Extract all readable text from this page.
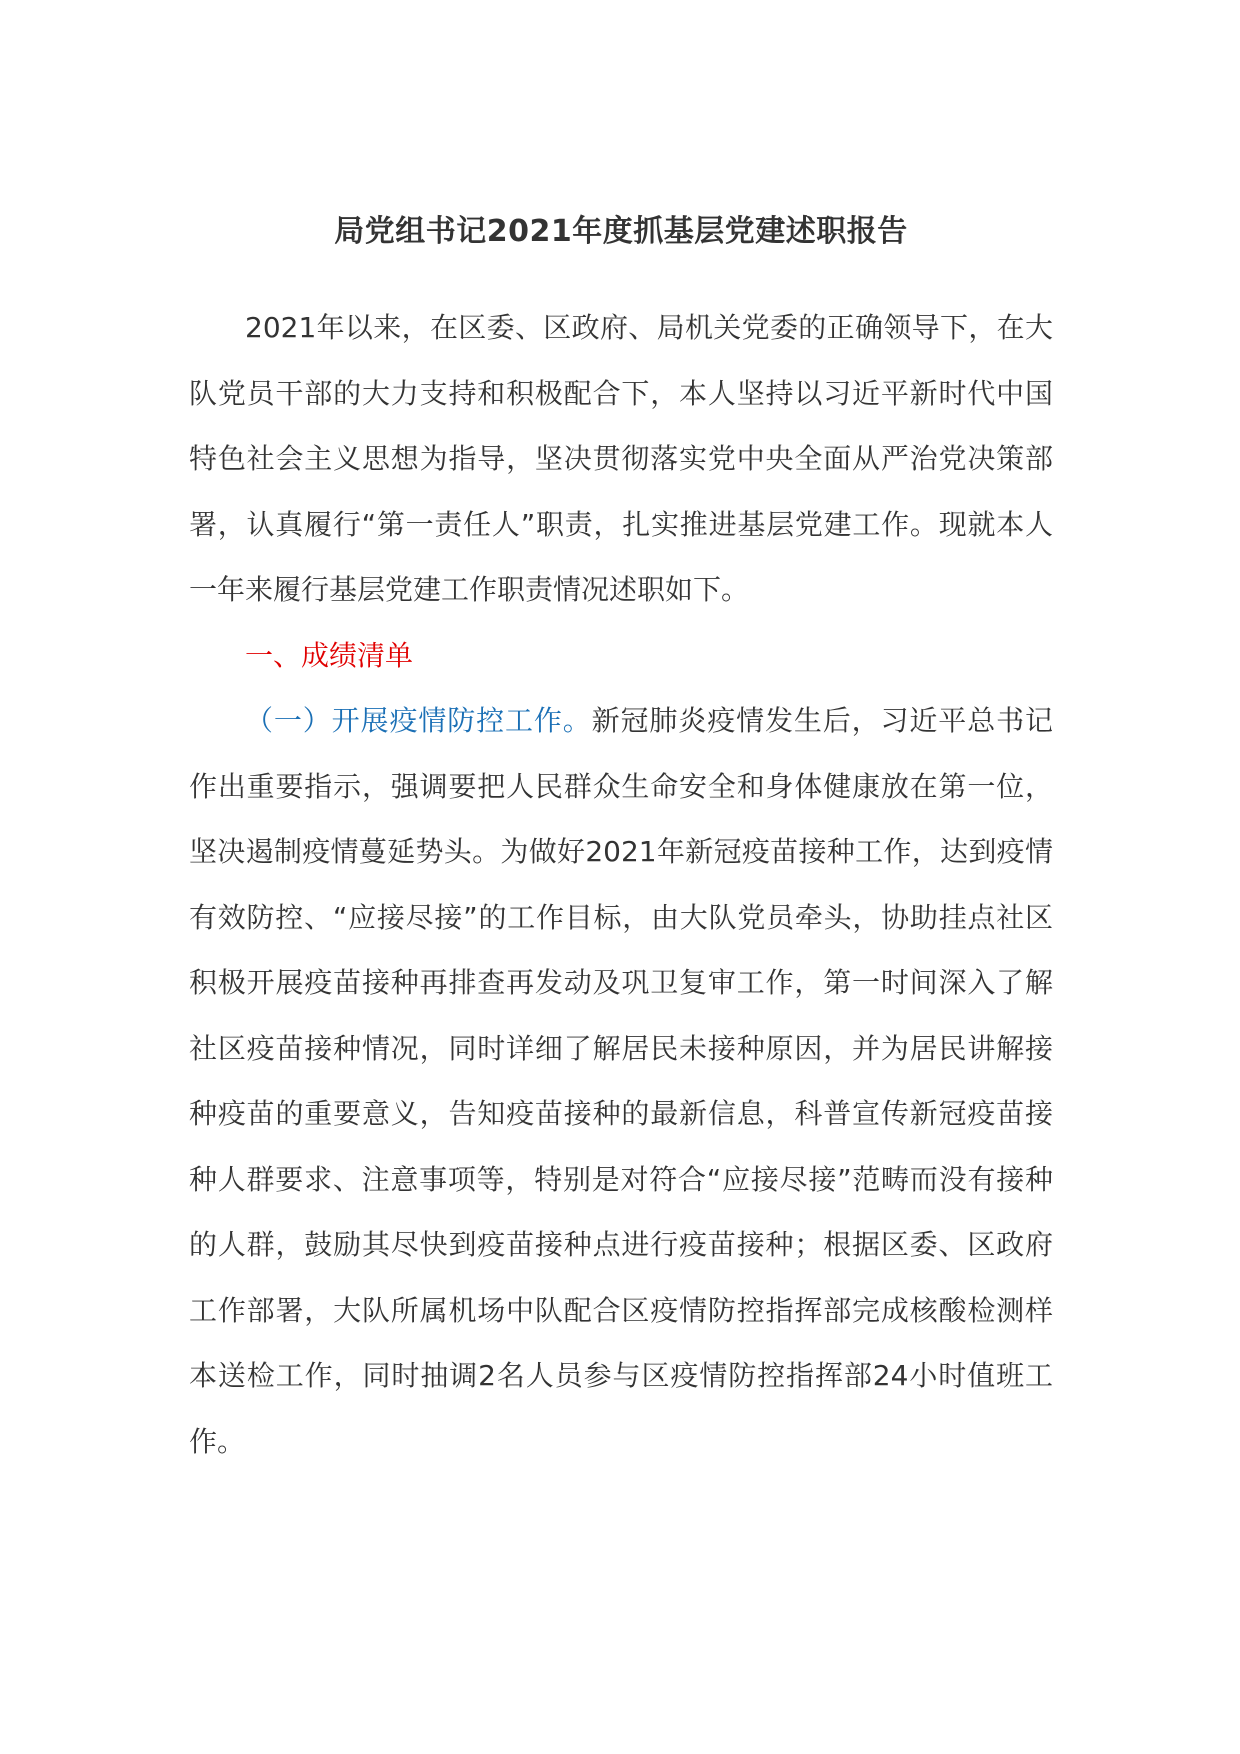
局党组书记2021年度抓基层党建述职报告

2021年以来，在区委、区政府、局机关党委的正确领导下，在大队党员干部的大力支持和积极配合下，本人坚持以习近平新时代中国特色社会主义思想为指导，坚决贯彻落实党中央全面从严治党决策部署，认真履行“第一责任人”职责，扎实推进基层党建工作。现就本人一年来履行基层党建工作职责情况述职如下。

一、成绩清单

（一）开展疫情防控工作。新冠肺炎疫情发生后，习近平总书记作出重要指示，强调要把人民群众生命安全和身体健康放在第一位，坚决遏制疫情蔓延势头。为做好2021年新冠疫苗接种工作，达到疫情有效防控、“应接尽接”的工作目标，由大队党员牵头，协助挂点社区积极开展疫苗接种再排查再发动及巩卫复审工作，第一时间深入了解社区疫苗接种情况，同时详细了解居民未接种原因，并为居民讲解接种疫苗的重要意义，告知疫苗接种的最新信息，科普宣传新冠疫苗接种人群要求、注意事项等，特别是对符合“应接尽接”范畴而没有接种的人群，鼓励其尽快到疫苗接种点进行疫苗接种；根据区委、区政府工作部署，大队所属机场中队配合区疫情防控指挥部完成核酸检测样本送检工作，同时抽调2名人员参与区疫情防控指挥部24小时值班工作。
